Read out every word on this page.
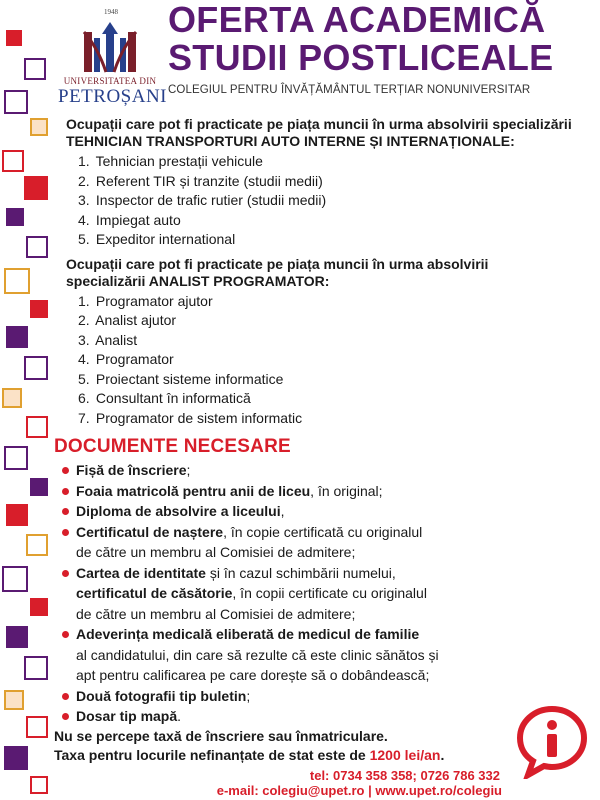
1948
UNIVERSITATEA DIN
PETROȘANI
OFERTA ACADEMICĂ
STUDII POSTLICEALE
COLEGIUL PENTRU ÎNVĂȚĂMÂNTUL TERȚIAR NONUNIVERSITAR
Ocupații care pot fi practicate pe piața muncii în urma absolvirii specializării
TEHNICIAN TRANSPORTURI AUTO INTERNE ȘI INTERNAȚIONALE:
1. Tehnician prestații vehicule
2. Referent TIR și tranzite (studii medii)
3. Inspector de trafic rutier (studii medii)
4. Impiegat auto
5. Expeditor international
Ocupații care pot fi practicate pe piața muncii în urma absolvirii
specializării ANALIST PROGRAMATOR:
1. Programator ajutor
2. Analist ajutor
3. Analist
4. Programator
5. Proiectant sisteme informatice
6. Consultant în informatică
7. Programator de sistem informatic
DOCUMENTE NECESARE
Fișă de înscriere;
Foaia matricolă pentru anii de liceu, în original;
Diploma de absolvire a liceului,
Certificatul de naștere, în copie certificată cu originalul
de către un membru al Comisiei de admitere;
Cartea de identitate și în cazul schimbării numelui,
certificatul de căsătorie, în copii certificate cu originalul
de către un membru al Comisiei de admitere;
Adeverința medicală eliberată de medicul de familie
al candidatului, din care să rezulte că este clinic sănătos și
apt pentru calificarea pe care dorește să o dobândească;
Două fotografii tip buletin;
Dosar tip mapă.
Nu se percepe taxă de înscriere sau înmatriculare.
Taxa pentru locurile nefinanțate de stat este de 1200 lei/an.
tel: 0734 358 358; 0726 786 332
e-mail: colegiu@upet.ro | www.upet.ro/colegiu
